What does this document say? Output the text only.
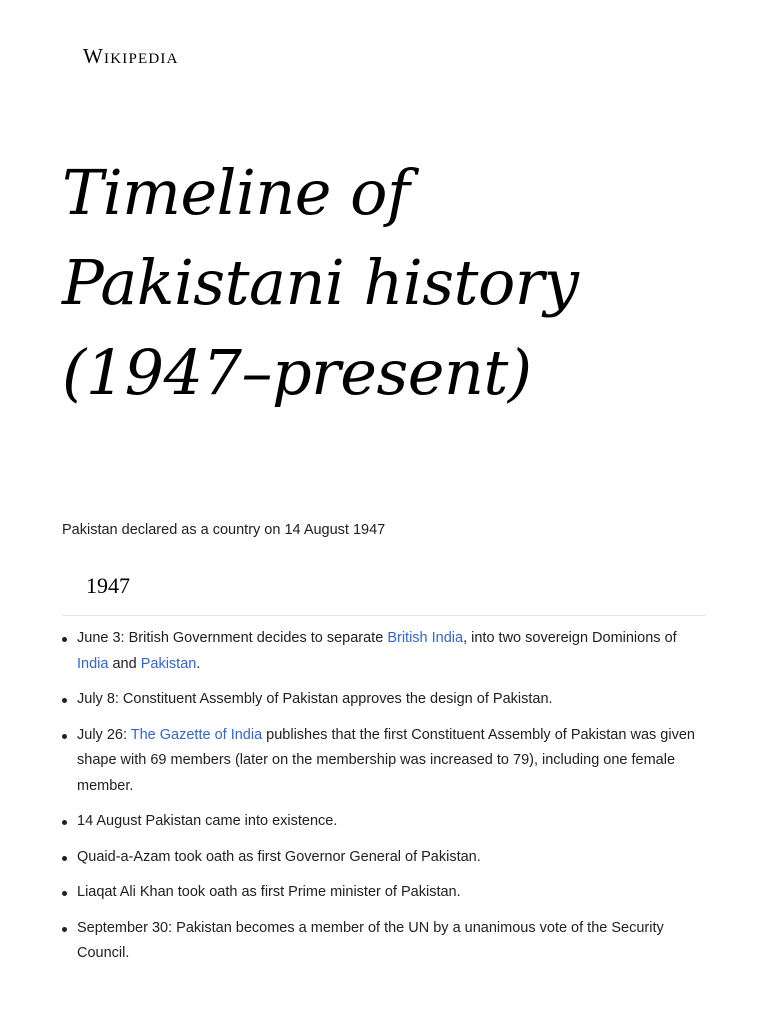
Wikipedia
Timeline of
Pakistani history
(1947–present)
Pakistan declared as a country on 14 August 1947
1947
June 3: British Government decides to separate British India, into two sovereign Dominions of India and Pakistan.
July 8: Constituent Assembly of Pakistan approves the design of Pakistan.
July 26: The Gazette of India publishes that the first Constituent Assembly of Pakistan was given shape with 69 members (later on the membership was increased to 79), including one female member.
14 August Pakistan came into existence.
Quaid-a-Azam took oath as first Governor General of Pakistan.
Liaqat Ali Khan took oath as first Prime minister of Pakistan.
September 30: Pakistan becomes a member of the UN by a unanimous vote of the Security Council.
